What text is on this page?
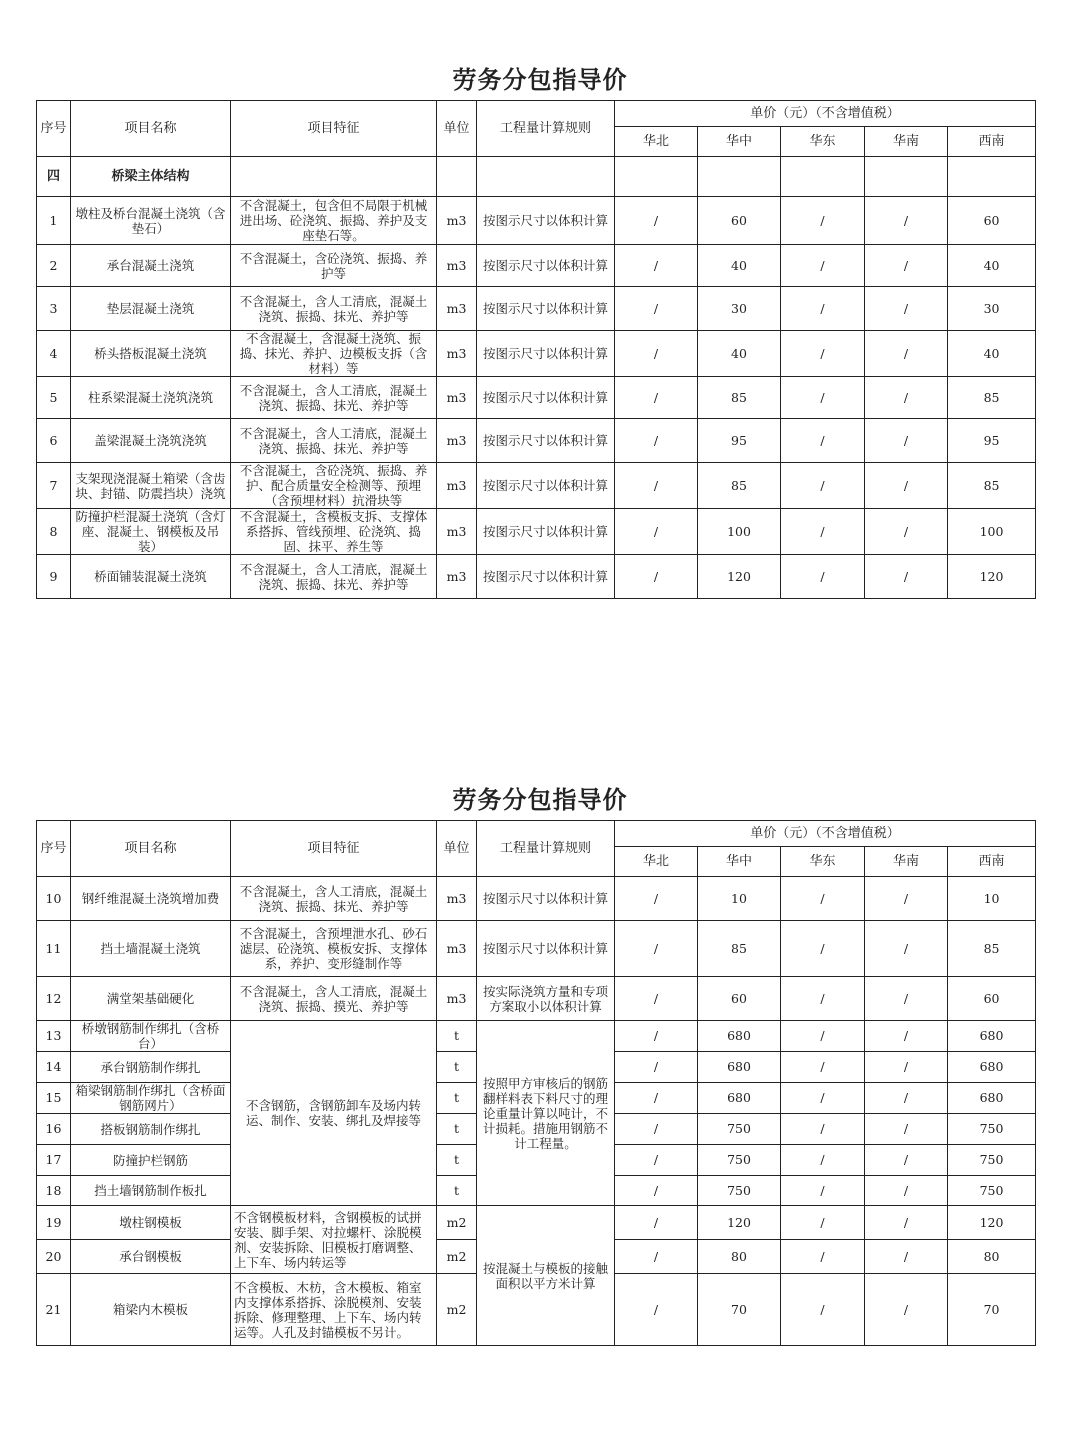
劳务分包指导价
序号	项目名称	项目特征	单位	工程量计算规则	单价（元）（不含增值税）				
					华北	华中	华东	华南	西南
四	桥梁主体结构								
1	墩柱及桥台混凝土浇筑（含垫石）	不含混凝土，包含但不局限于机械进出场、砼浇筑、振捣、养护及支座垫石等。	m3	按图示尺寸以体积计算	/	60	/	/	60
2	承台混凝土浇筑	不含混凝土，含砼浇筑、振捣、养护等	m3	按图示尺寸以体积计算	/	40	/	/	40
3	垫层混凝土浇筑	不含混凝土，含人工清底，混凝土浇筑、振捣、抹光、养护等	m3	按图示尺寸以体积计算	/	30	/	/	30
4	桥头搭板混凝土浇筑	不含混凝土，含混凝土浇筑、振捣、抹光、养护、边模板支拆（含材料）等	m3	按图示尺寸以体积计算	/	40	/	/	40
5	柱系梁混凝土浇筑浇筑	不含混凝土，含人工清底，混凝土浇筑、振捣、抹光、养护等	m3	按图示尺寸以体积计算	/	85	/	/	85
6	盖梁混凝土浇筑浇筑	不含混凝土，含人工清底，混凝土浇筑、振捣、抹光、养护等	m3	按图示尺寸以体积计算	/	95	/	/	95
7	支架现浇混凝土箱梁（含齿块、封锚、防震挡块）浇筑	不含混凝土，含砼浇筑、振捣、养护、配合质量安全检测等、预埋（含预埋材料）抗滑块等	m3	按图示尺寸以体积计算	/	85	/	/	85
8	防撞护栏混凝土浇筑（含灯座、混凝土、钢模板及吊装）	不含混凝土，含模板支拆、支撑体系搭拆、管线预埋、砼浇筑、捣固、抹平、养生等	m3	按图示尺寸以体积计算	/	100	/	/	100
9	桥面铺装混凝土浇筑	不含混凝土，含人工清底，混凝土浇筑、振捣、抹光、养护等	m3	按图示尺寸以体积计算	/	120	/	/	120
劳务分包指导价
序号	项目名称	项目特征	单位	工程量计算规则	单价（元）（不含增值税）				
					华北	华中	华东	华南	西南
10	钢纤维混凝土浇筑增加费	不含混凝土，含人工清底，混凝土浇筑、振捣、抹光、养护等	m3	按图示尺寸以体积计算	/	10	/	/	10
11	挡土墙混凝土浇筑	不含混凝土，含预埋泄水孔、砂石滤层、砼浇筑、模板安拆、支撑体系，养护、变形缝制作等	m3	按图示尺寸以体积计算	/	85	/	/	85
12	满堂架基础硬化	不含混凝土，含人工清底，混凝土浇筑、振捣、摸光、养护等	m3	按实际浇筑方量和专项方案取小以体积计算	/	60	/	/	60
13	桥墩钢筋制作绑扎（含桥台）	不含钢筋，含钢筋卸车及场内转运、制作、安装、绑扎及焊接等	t	按照甲方审核后的钢筋翻样料表下料尺寸的理论重量计算以吨计，不计损耗。措施用钢筋不计工程量。	/	680	/	/	680
14	承台钢筋制作绑扎		t		/	680	/	/	680
15	箱梁钢筋制作绑扎（含桥面钢筋网片）		t		/	680	/	/	680
16	搭板钢筋制作绑扎		t		/	750	/	/	750
17	防撞护栏钢筋		t		/	750	/	/	750
18	挡土墙钢筋制作板扎		t		/	750	/	/	750
19	墩柱钢模板	不含钢模板材料，含钢模板的试拼安装、脚手架、对拉螺杆、涂脱模剂、安装拆除、旧模板打磨调整、上下车、场内转运等	m2	按混凝土与模板的接触面积以平方米计算	/	120	/	/	120
20	承台钢模板		m2		/	80	/	/	80
21	箱梁内木模板	不含模板、木枋，含木模板、箱室内支撑体系搭拆、涂脱模剂、安装拆除、修理整理、上下车、场内转运等。人孔及封锚模板不另计。	m2		/	70	/	/	70
